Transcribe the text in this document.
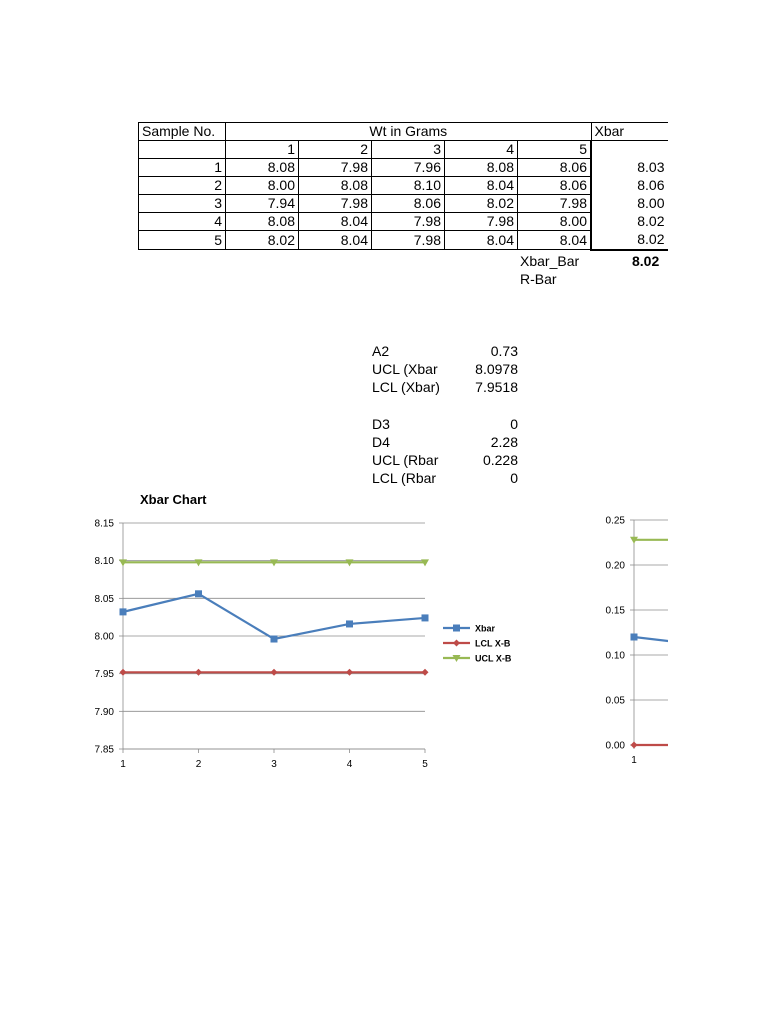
Sample No.	Wt in Grams					Xbar
	1	2	3	4	5	
1	8.08	7.98	7.96	8.08	8.06	8.03
2	8.00	8.08	8.10	8.04	8.06	8.06
3	7.94	7.98	8.06	8.02	7.98	8.00
4	8.08	8.04	7.98	7.98	8.00	8.02
5	8.02	8.04	7.98	8.04	8.04	8.02
Xbar_Bar	8.02
R-Bar
A2	0.73
UCL (Xbar	8.0978
LCL (Xbar)	7.9518
D3	0
D4	2.28
UCL (Rbar	0.228
LCL (Rbar	0
Xbar Chart
7.85
7.90
7.95
8.00
8.05
8.10
8.15
1	2	3	4	5
Xbar
LCL X-B
UCL X-B
0.00
0.05
0.10
0.15
0.20
0.25
1
